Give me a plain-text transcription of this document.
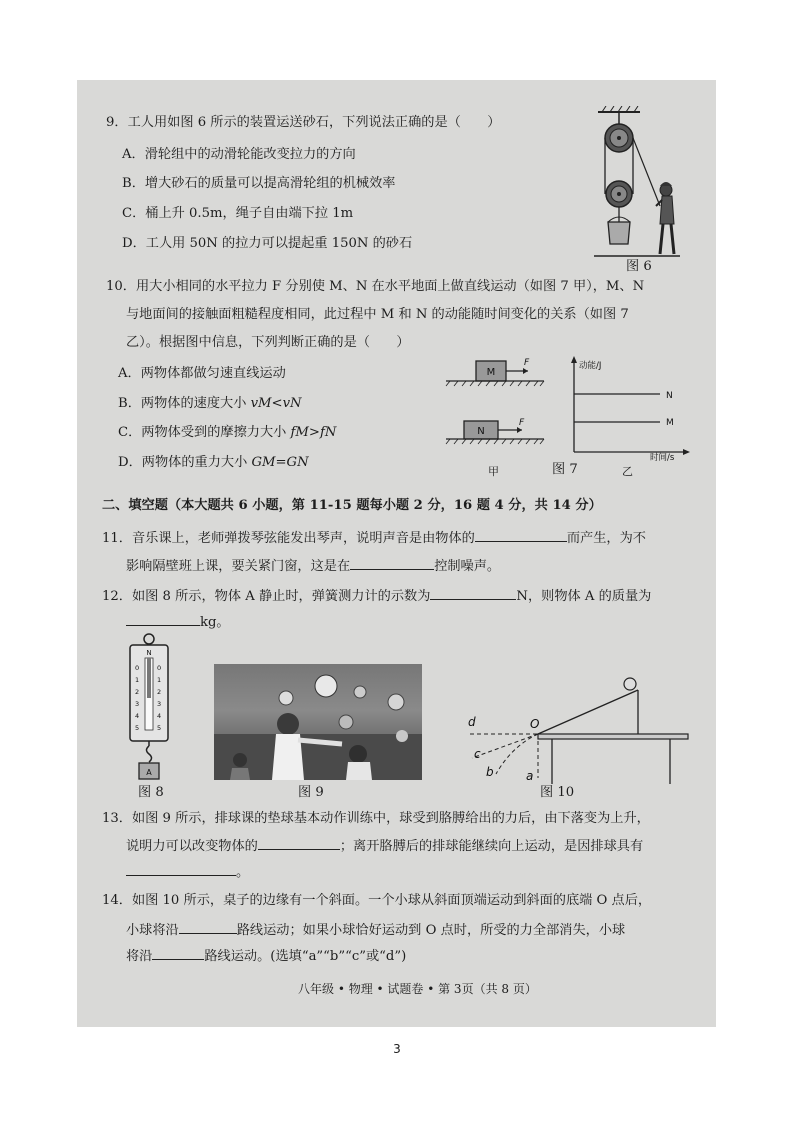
9．工人用如图 6 所示的装置运送砂石，下列说法正确的是（　　）
A．滑轮组中的动滑轮能改变拉力的方向
B．增大砂石的质量可以提高滑轮组的机械效率
C．桶上升 0.5m，绳子自由端下拉 1m
D．工人用 50N 的拉力可以提起重 150N 的砂石
图 6
10．用大小相同的水平拉力 F 分别使 M、N 在水平地面上做直线运动（如图 7 甲），M、N
与地面间的接触面粗糙程度相同，此过程中 M 和 N 的动能随时间变化的关系（如图 7
乙）。根据图中信息，下列判断正确的是（　　）
A．两物体都做匀速直线运动
B．两物体的速度大小 vM<vN
C．两物体受到的摩擦力大小 fM>fN
D．两物体的重力大小 GM=GN
M
F
N
F
甲	图 7	乙
动能/J
N
M
时间/s
二、填空题（本大题共 6 小题，第 11-15 题每小题 2 分，16 题 4 分，共 14 分）
11．音乐课上，老师弹拨琴弦能发出琴声，说明声音是由物体的	而产生，为不
影响隔壁班上课，要关紧门窗，这是在	控制噪声。
12．如图 8 所示，物体 A 静止时，弹簧测力计的示数为	N，则物体 A 的质量为
kg。
N
0
1
2
3
4
5
0
1
2
3
4
5
A
图 8	图 9
d	O
c
b	a
图 10
13．如图 9 所示，排球课的垫球基本动作训练中，球受到胳膊给出的力后，由下落变为上升，
说明力可以改变物体的	；离开胳膊后的排球能继续向上运动，是因排球具有
。
14．如图 10 所示，桌子的边缘有一个斜面。一个小球从斜面顶端运动到斜面的底端 O 点后，
小球将沿	路线运动；如果小球恰好运动到 O 点时，所受的力全部消失，小球
将沿	路线运动。(选填“a”“b”“c”或“d”)
八年级 • 物理 • 试题卷 • 第 3页（共 8 页）
3
